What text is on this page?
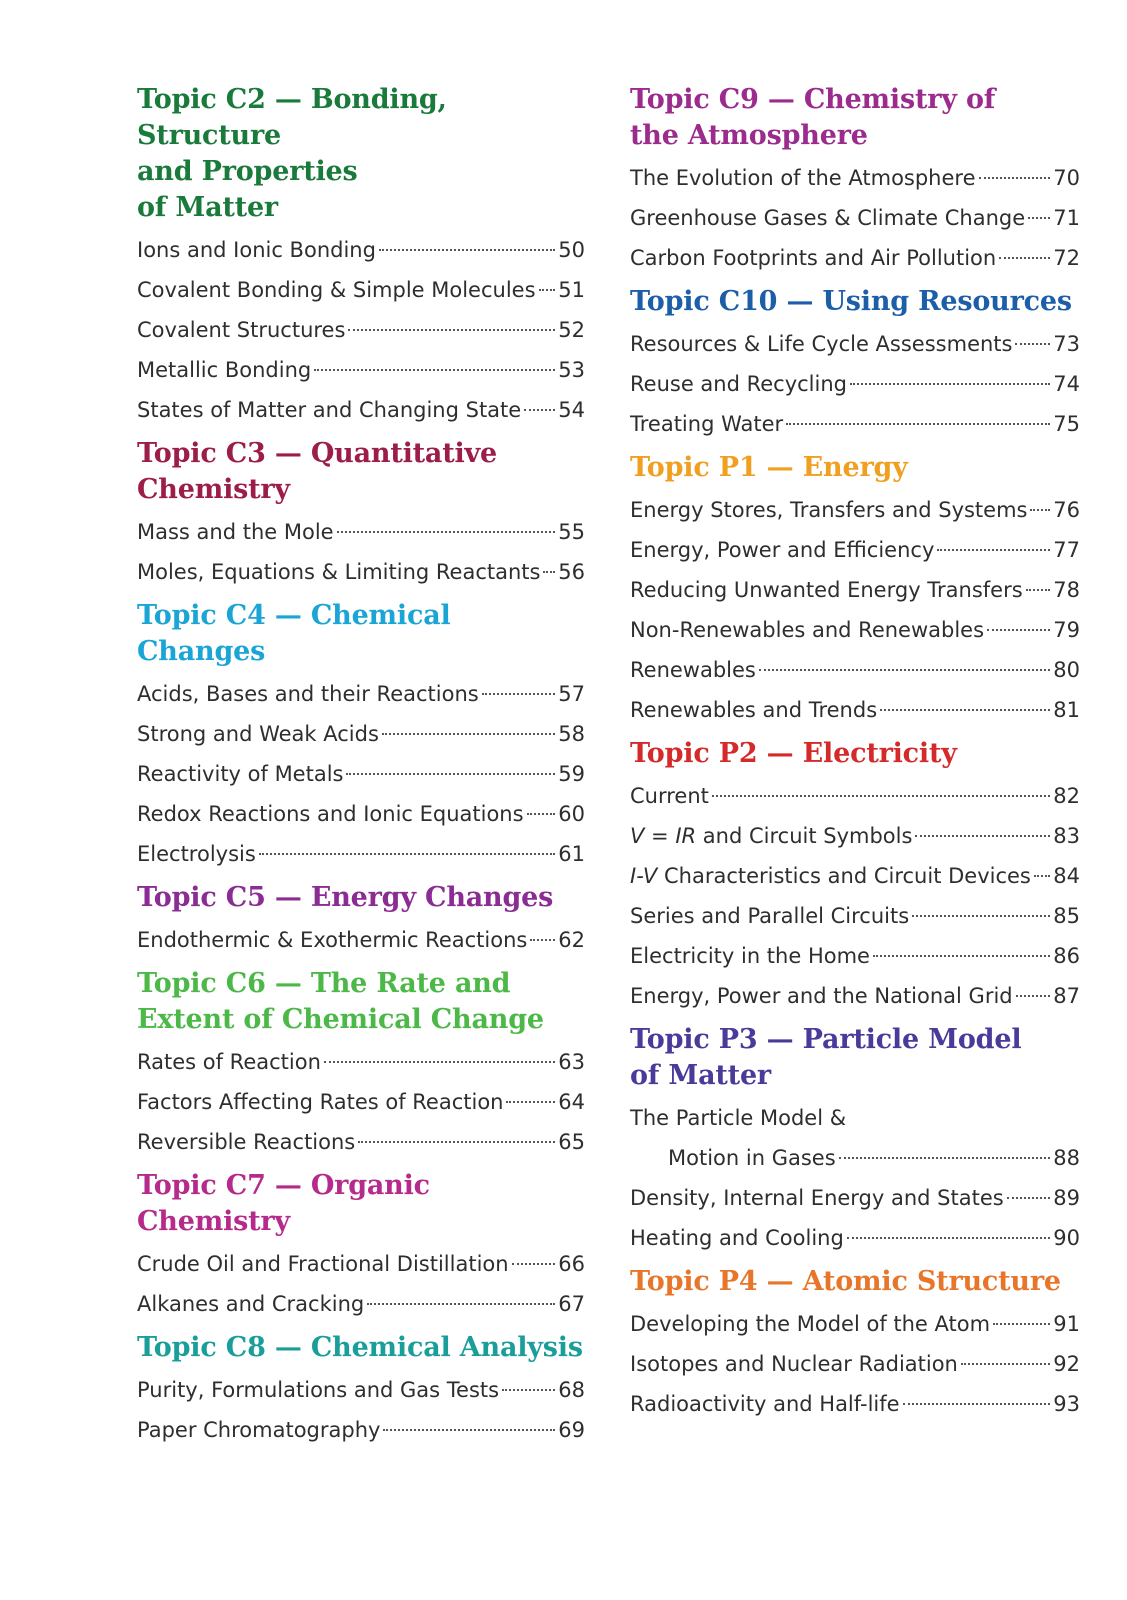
Topic C2 — Bonding, Structure
and Properties
of Matter
Ions and Ionic Bonding	50
Covalent Bonding & Simple Molecules 51
Covalent Structures	52
Metallic Bonding	53
States of Matter and Changing State 54
Topic C3 — Quantitative
Chemistry
Mass and the Mole	55
Moles, Equations & Limiting Reactants 56
Topic C4 — Chemical Changes
Acids, Bases and their Reactions	57
Strong and Weak Acids	58
Reactivity of Metals	59
Redox Reactions and Ionic Equations 60
Electrolysis	61
Topic C5 — Energy Changes
Endothermic & Exothermic Reactions 62
Topic C6 — The Rate and
Extent of Chemical Change
Rates of Reaction	63
Factors Affecting Rates of Reaction	64
Reversible Reactions	65
Topic C7 — Organic
Chemistry
Crude Oil and Fractional Distillation 66
Alkanes and Cracking	67
Topic C8 — Chemical Analysis
Purity, Formulations and Gas Tests	68
Paper Chromatography	69
Topic C9 — Chemistry of
the Atmosphere
The Evolution of the Atmosphere	70
Greenhouse Gases & Climate Change 71
Carbon Footprints and Air Pollution	72
Topic C10 — Using Resources
Resources & Life Cycle Assessments 73
Reuse and Recycling	74
Treating Water	75
Topic P1 — Energy
Energy Stores, Transfers and Systems 76
Energy, Power and Efficiency	77
Reducing Unwanted Energy Transfers 78
Non-Renewables and Renewables	79
Renewables	80
Renewables and Trends	81
Topic P2 — Electricity
Current	82
V = IR and Circuit Symbols	83
I-V Characteristics and Circuit Devices 84
Series and Parallel Circuits	85
Electricity in the Home	86
Energy, Power and the National Grid 87
Topic P3 — Particle Model
of Matter
The Particle Model &
Motion in Gases	88
Density, Internal Energy and States 89
Heating and Cooling	90
Topic P4 — Atomic Structure
Developing the Model of the Atom	91
Isotopes and Nuclear Radiation	92
Radioactivity and Half-life	93
